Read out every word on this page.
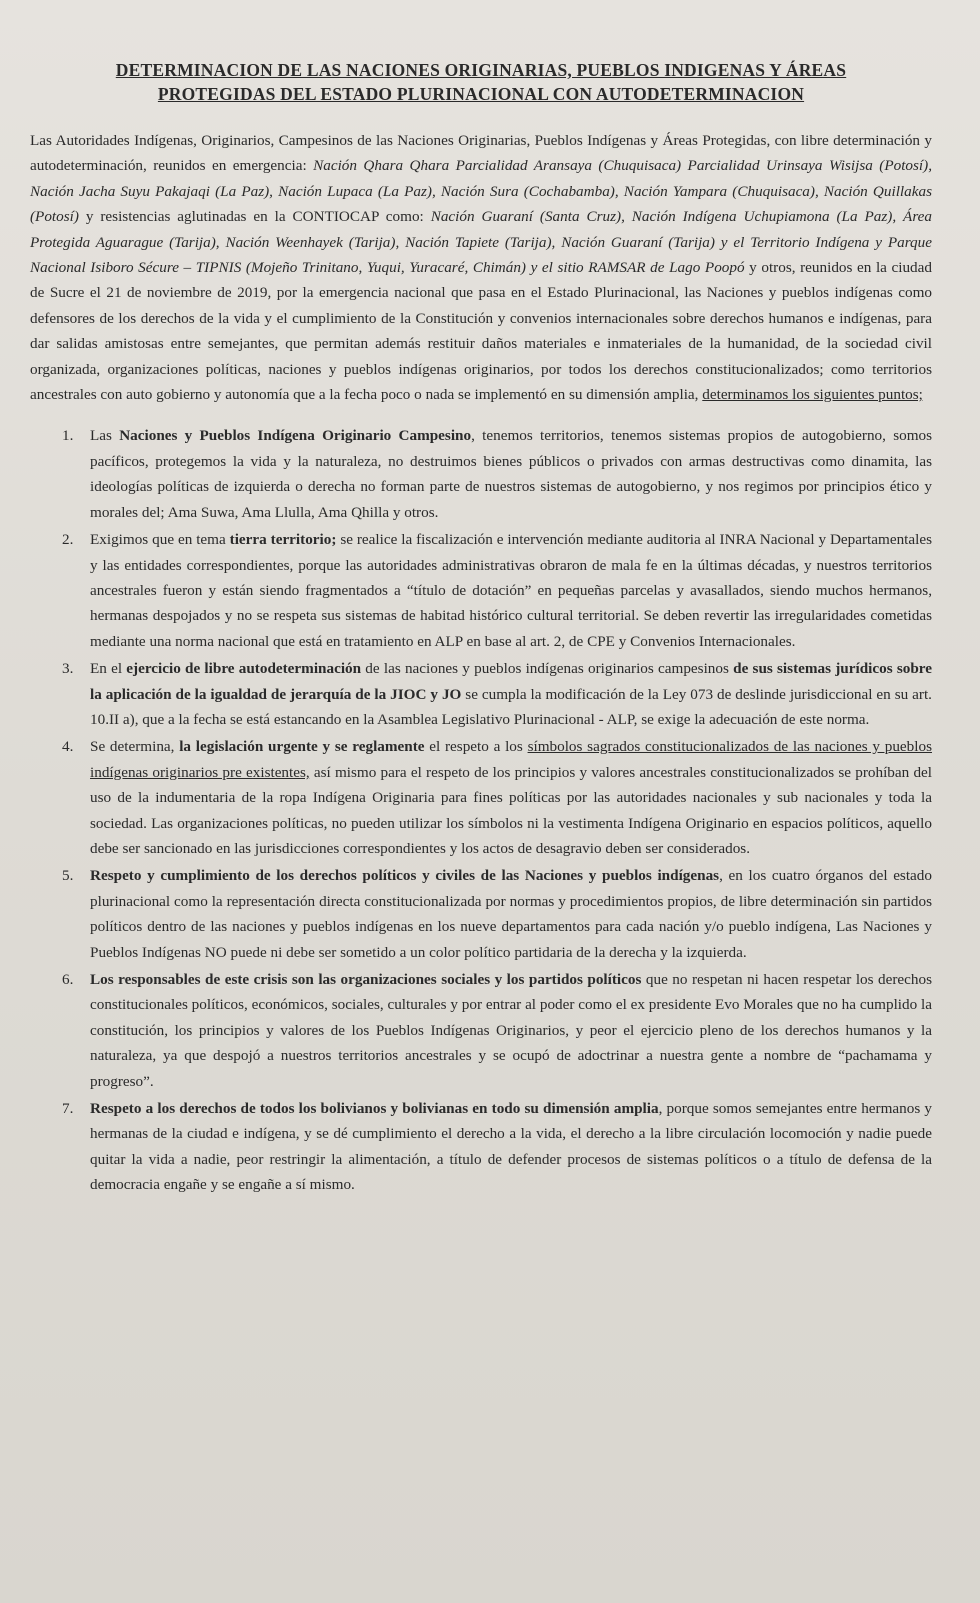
DETERMINACION DE LAS NACIONES ORIGINARIAS, PUEBLOS INDIGENAS Y ÁREAS
PROTEGIDAS DEL ESTADO PLURINACIONAL CON AUTODETERMINACION

Las Autoridades Indígenas, Originarios, Campesinos de las Naciones Originarias, Pueblos Indígenas y Áreas Protegidas, con libre determinación y autodeterminación, reunidos en emergencia: Nación Qhara Qhara Parcialidad Aransaya (Chuquisaca) Parcialidad Urinsaya Wisijsa (Potosí), Nación Jacha Suyu Pakajaqi (La Paz), Nación Lupaca (La Paz), Nación Sura (Cochabamba), Nación Yampara (Chuquisaca), Nación Quillakas (Potosí) y resistencias aglutinadas en la CONTIOCAP como: Nación Guaraní (Santa Cruz), Nación Indígena Uchupiamona (La Paz), Área Protegida Aguarague (Tarija), Nación Weenhayek (Tarija), Nación Tapiete (Tarija), Nación Guaraní (Tarija) y el Territorio Indígena y Parque Nacional Isiboro Sécure – TIPNIS (Mojeño Trinitano, Yuqui, Yuracaré, Chimán) y el sitio RAMSAR de Lago Poopó y otros, reunidos en la ciudad de Sucre el 21 de noviembre de 2019, por la emergencia nacional que pasa en el Estado Plurinacional, las Naciones y pueblos indígenas como defensores de los derechos de la vida y el cumplimiento de la Constitución y convenios internacionales sobre derechos humanos e indígenas, para dar salidas amistosas entre semejantes, que permitan además restituir daños materiales e inmateriales de la humanidad, de la sociedad civil organizada, organizaciones políticas, naciones y pueblos indígenas originarios, por todos los derechos constitucionalizados; como territorios ancestrales con auto gobierno y autonomía que a la fecha poco o nada se implementó en su dimensión amplia, determinamos los siguientes puntos;

1.	Las Naciones y Pueblos Indígena Originario Campesino, tenemos territorios, tenemos sistemas propios de autogobierno, somos pacíficos, protegemos la vida y la naturaleza, no destruimos bienes públicos o privados con armas destructivas como dinamita, las ideologías políticas de izquierda o derecha no forman parte de nuestros sistemas de autogobierno, y nos regimos por principios ético y morales del; Ama Suwa, Ama Llulla, Ama Qhilla y otros.
2.	Exigimos que en tema tierra territorio; se realice la fiscalización e intervención mediante auditoria al INRA Nacional y Departamentales y las entidades correspondientes, porque las autoridades administrativas obraron de mala fe en la últimas décadas, y nuestros territorios ancestrales fueron y están siendo fragmentados a “título de dotación” en pequeñas parcelas y avasallados, siendo muchos hermanos, hermanas despojados y no se respeta sus sistemas de habitad histórico cultural territorial. Se deben revertir las irregularidades cometidas mediante una norma nacional que está en tratamiento en ALP en base al art. 2, de CPE y Convenios Internacionales.
3.	En el ejercicio de libre autodeterminación de las naciones y pueblos indígenas originarios campesinos de sus sistemas jurídicos sobre la aplicación de la igualdad de jerarquía de la JIOC y JO se cumpla la modificación de la Ley 073 de deslinde jurisdiccional en su art. 10.II a), que a la fecha se está estancando en la Asamblea Legislativo Plurinacional - ALP, se exige la adecuación de este norma.
4.	Se determina, la legislación urgente y se reglamente el respeto a los símbolos sagrados constitucionalizados de las naciones y pueblos indígenas originarios pre existentes, así mismo para el respeto de los principios y valores ancestrales constitucionalizados se prohíban del uso de la indumentaria de la ropa Indígena Originaria para fines políticas por las autoridades nacionales y sub nacionales y toda la sociedad. Las organizaciones políticas, no pueden utilizar los símbolos ni la vestimenta Indígena Originario en espacios políticos, aquello debe ser sancionado en las jurisdicciones correspondientes y los actos de desagravio deben ser considerados.
5.	Respeto y cumplimiento de los derechos políticos y civiles de las Naciones y pueblos indígenas, en los cuatro órganos del estado plurinacional como la representación directa constitucionalizada por normas y procedimientos propios, de libre determinación sin partidos políticos dentro de las naciones y pueblos indígenas en los nueve departamentos para cada nación y/o pueblo indígena, Las Naciones y Pueblos Indígenas NO puede ni debe ser sometido a un color político partidaria de la derecha y la izquierda.
6.	Los responsables de este crisis son las organizaciones sociales y los partidos políticos que no respetan ni hacen respetar los derechos constitucionales políticos, económicos, sociales, culturales y por entrar al poder como el ex presidente Evo Morales que no ha cumplido la constitución, los principios y valores de los Pueblos Indígenas Originarios, y peor el ejercicio pleno de los derechos humanos y la naturaleza, ya que despojó a nuestros territorios ancestrales y se ocupó de adoctrinar a nuestra gente a nombre de “pachamama y progreso”.
7.	Respeto a los derechos de todos los bolivianos y bolivianas en todo su dimensión amplia, porque somos semejantes entre hermanos y hermanas de la ciudad e indígena, y se dé cumplimiento el derecho a la vida, el derecho a la libre circulación locomoción y nadie puede quitar la vida a nadie, peor restringir la alimentación, a título de defender procesos de sistemas políticos o a título de defensa de la democracia engañe y se engañe a sí mismo.
